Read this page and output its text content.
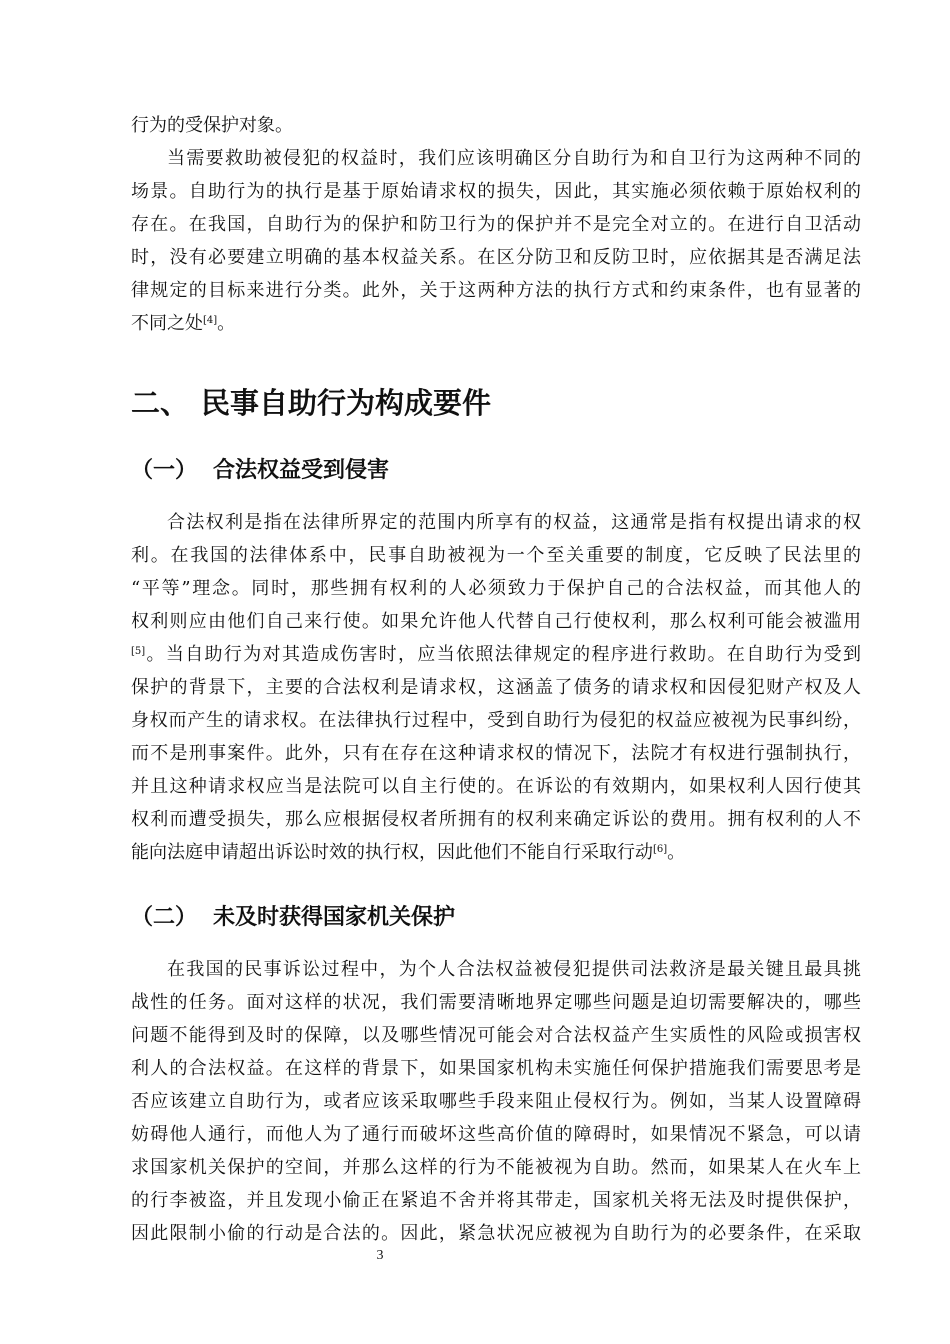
行为的受保护对象。
当需要救助被侵犯的权益时，我们应该明确区分自助行为和自卫行为这两种不同的
场景。自助行为的执行是基于原始请求权的损失，因此，其实施必须依赖于原始权利的
存在。在我国，自助行为的保护和防卫行为的保护并不是完全对立的。在进行自卫活动
时，没有必要建立明确的基本权益关系。在区分防卫和反防卫时，应依据其是否满足法
律规定的目标来进行分类。此外，关于这两种方法的执行方式和约束条件，也有显著的
不同之处[4]。
二、 民事自助行为构成要件
（一） 合法权益受到侵害
合法权利是指在法律所界定的范围内所享有的权益，这通常是指有权提出请求的权
利。在我国的法律体系中，民事自助被视为一个至关重要的制度，它反映了民法里的
“平等”理念。同时，那些拥有权利的人必须致力于保护自己的合法权益，而其他人的
权利则应由他们自己来行使。如果允许他人代替自己行使权利，那么权利可能会被滥用
[5]。当自助行为对其造成伤害时，应当依照法律规定的程序进行救助。在自助行为受到
保护的背景下，主要的合法权利是请求权，这涵盖了债务的请求权和因侵犯财产权及人
身权而产生的请求权。在法律执行过程中，受到自助行为侵犯的权益应被视为民事纠纷，
而不是刑事案件。此外，只有在存在这种请求权的情况下，法院才有权进行强制执行，
并且这种请求权应当是法院可以自主行使的。在诉讼的有效期内，如果权利人因行使其
权利而遭受损失，那么应根据侵权者所拥有的权利来确定诉讼的费用。拥有权利的人不
能向法庭申请超出诉讼时效的执行权，因此他们不能自行采取行动[6]。
（二） 未及时获得国家机关保护
在我国的民事诉讼过程中，为个人合法权益被侵犯提供司法救济是最关键且最具挑
战性的任务。面对这样的状况，我们需要清晰地界定哪些问题是迫切需要解决的，哪些
问题不能得到及时的保障，以及哪些情况可能会对合法权益产生实质性的风险或损害权
利人的合法权益。在这样的背景下，如果国家机构未实施任何保护措施我们需要思考是
否应该建立自助行为，或者应该采取哪些手段来阻止侵权行为。例如，当某人设置障碍
妨碍他人通行，而他人为了通行而破坏这些高价值的障碍时，如果情况不紧急，可以请
求国家机关保护的空间，并那么这样的行为不能被视为自助。然而，如果某人在火车上
的行李被盗，并且发现小偷正在紧追不舍并将其带走，国家机关将无法及时提供保护，
因此限制小偷的行动是合法的。因此，紧急状况应被视为自助行为的必要条件，在采取
3
